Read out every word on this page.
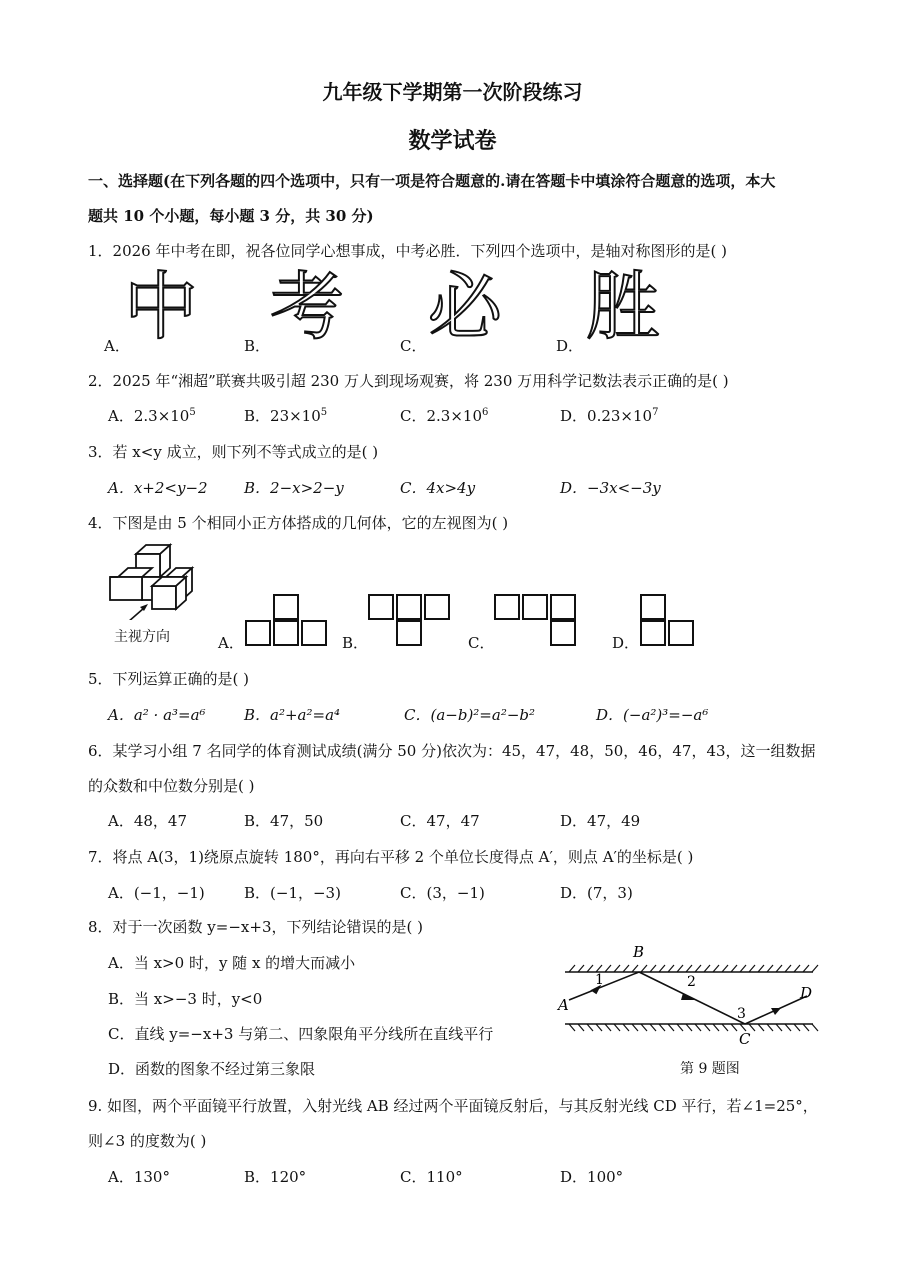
九年级下学期第一次阶段练习
数学试卷
一、选择题(在下列各题的四个选项中，只有一项是符合题意的.请在答题卡中填涂符合题意的选项，本大
题共 10 个小题，每小题 3 分，共 30 分)
1．2026 年中考在即，祝各位同学心想事成，中考必胜．下列四个选项中，是轴对称图形的是( )
中 考 必 胜
A．	B．	C．	D．
2．2025 年“湘超”联赛共吸引超 230 万人到现场观赛，将 230 万用科学记数法表示正确的是( )
A．$2.3\times 10^5$	B．$23\times 10^5$	C．$2.3\times 10^6$	D．$0.23\times 10^7$
3．若 x<y 成立，则下列不等式成立的是( )
A．x+2<y−2 B．2−x>2−y	C．4x>4y	D．−3x<−3y
4．下图是由 5 个相同小正方体搭成的几何体，它的左视图为( )
主视方向	A．	B．	C．	D．
5．下列运算正确的是( )
A．a² · a³=a⁶	B．a²+a²=a⁴	C．(a−b)²=a²−b²	D．(−a²)³=−a⁶
6．某学习小组 7 名同学的体育测试成绩(满分 50 分)依次为：45，47，48，50，46，47，43，这一组数据
的众数和中位数分别是( )
A．48，47	B．47，50	C．47，47	D．47，49
7．将点 A(3，1)绕原点旋转 180°，再向右平移 2 个单位长度得点 A′，则点 A′的坐标是( )
A．(−1，−1)	B．(−1，−3)	C．(3，−1)	D．(7，3)
8．对于一次函数 y=−x+3，下列结论错误的是( )
A．当 x>0 时，y 随 x 的增大而减小
B．当 x>−3 时，y<0
C．直线 y=−x+3 与第二、四象限角平分线所在直线平行
D．函数的图象不经过第三象限
A
B
C
D
1	2
3
第 9 题图
9. 如图，两个平面镜平行放置，入射光线 AB 经过两个平面镜反射后，与其反射光线 CD 平行，若∠1=25°，
则∠3 的度数为( )
A．130°	B．120°	C．110°	D．100°
